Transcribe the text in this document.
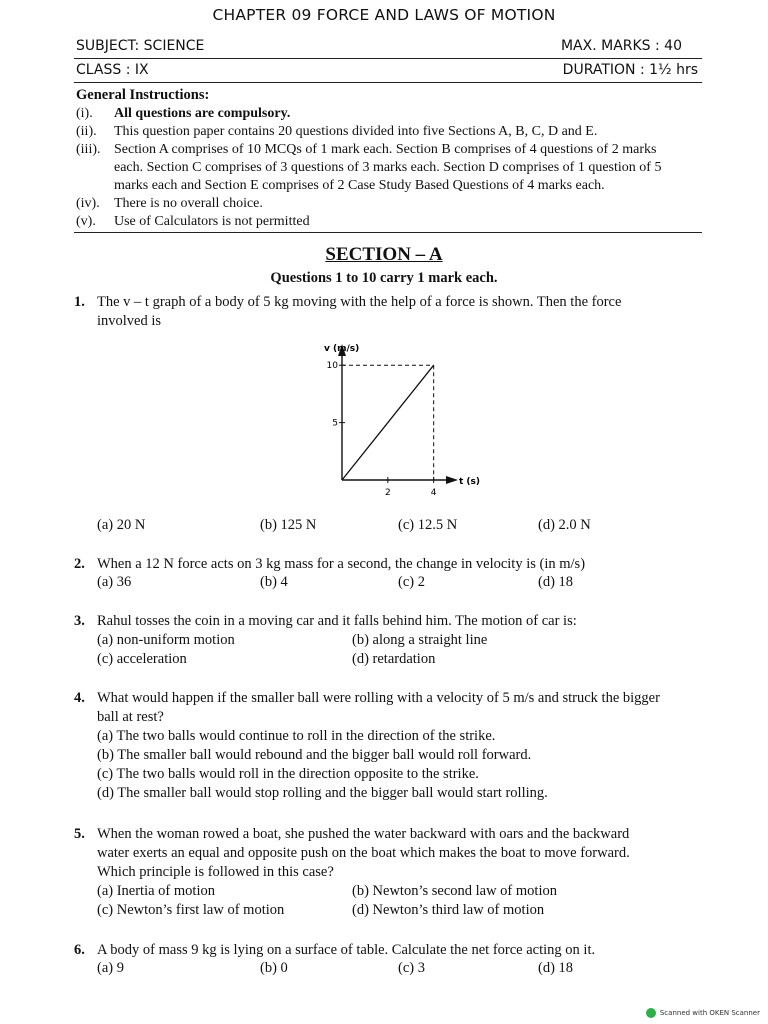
CHAPTER 09 FORCE AND LAWS OF MOTION
SUBJECT: SCIENCE	MAX. MARKS : 40
CLASS : IX	DURATION : 1½ hrs
General Instructions:
(i). All questions are compulsory.
(ii). This question paper contains 20 questions divided into five Sections A, B, C, D and E.
(iii). Section A comprises of 10 MCQs of 1 mark each. Section B comprises of 4 questions of 2 marks
each. Section C comprises of 3 questions of 3 marks each. Section D comprises of 1 question of 5
marks each and Section E comprises of 2 Case Study Based Questions of 4 marks each.
(iv). There is no overall choice.
(v). Use of Calculators is not permitted
SECTION – A
Questions 1 to 10 carry 1 mark each.
1. The v – t graph of a body of 5 kg moving with the help of a force is shown. Then the force
involved is
5
10
2	4
v (m/s)
t (s)
(a) 20 N	(b) 125 N	(c) 12.5 N	(d) 2.0 N
2. When a 12 N force acts on 3 kg mass for a second, the change in velocity is (in m/s)
(a) 36	(b) 4	(c) 2	(d) 18
3. Rahul tosses the coin in a moving car and it falls behind him. The motion of car is:
(a) non-uniform motion	(b) along a straight line
(c) acceleration	(d) retardation
4. What would happen if the smaller ball were rolling with a velocity of 5 m/s and struck the bigger
ball at rest?
(a) The two balls would continue to roll in the direction of the strike.
(b) The smaller ball would rebound and the bigger ball would roll forward.
(c) The two balls would roll in the direction opposite to the strike.
(d) The smaller ball would stop rolling and the bigger ball would start rolling.
5. When the woman rowed a boat, she pushed the water backward with oars and the backward
water exerts an equal and opposite push on the boat which makes the boat to move forward.
Which principle is followed in this case?
(a) Inertia of motion	(b) Newton’s second law of motion
(c) Newton’s first law of motion	(d) Newton’s third law of motion
6. A body of mass 9 kg is lying on a surface of table. Calculate the net force acting on it.
(a) 9	(b) 0	(c) 3	(d) 18
Scanned with OKEN Scanner
